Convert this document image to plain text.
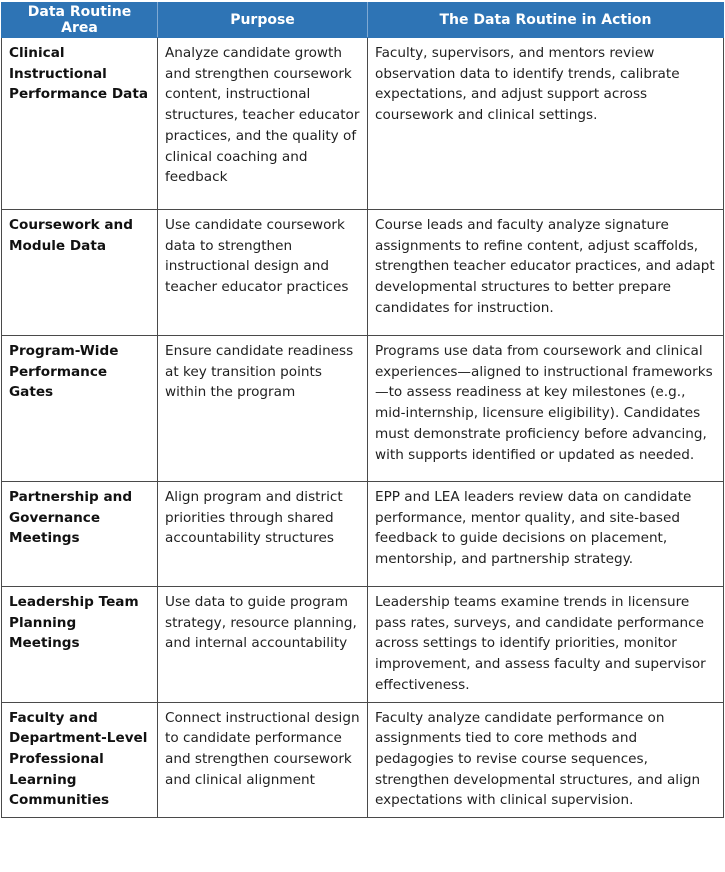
Data Routine Area	Purpose	The Data Routine in Action
Clinical Instructional Performance Data	Analyze candidate growth and strengthen coursework content, instructional structures, teacher educator practices, and the quality of clinical coaching and feedback	Faculty, supervisors, and mentors review observation data to identify trends, calibrate expectations, and adjust support across coursework and clinical settings.
Coursework and Module Data	Use candidate coursework data to strengthen instructional design and teacher educator practices	Course leads and faculty analyze signature assignments to refine content, adjust scaffolds, strengthen teacher educator practices, and adapt developmental structures to better prepare candidates for instruction.
Program-Wide Performance Gates	Ensure candidate readiness at key transition points within the program	Programs use data from coursework and clinical experiences—aligned to instructional frameworks—to assess readiness at key milestones (e.g., mid-internship, licensure eligibility). Candidates must demonstrate proficiency before advancing, with supports identified or updated as needed.
Partnership and Governance Meetings	Align program and district priorities through shared accountability structures	EPP and LEA leaders review data on candidate performance, mentor quality, and site-based feedback to guide decisions on placement, mentorship, and partnership strategy.
Leadership Team Planning Meetings	Use data to guide program strategy, resource planning, and internal accountability	Leadership teams examine trends in licensure pass rates, surveys, and candidate performance across settings to identify priorities, monitor improvement, and assess faculty and supervisor effectiveness.
Faculty and Department-Level Professional Learning Communities	Connect instructional design to candidate performance and strengthen coursework and clinical alignment	Faculty analyze candidate performance on assignments tied to core methods and pedagogies to revise course sequences, strengthen developmental structures, and align expectations with clinical supervision.
